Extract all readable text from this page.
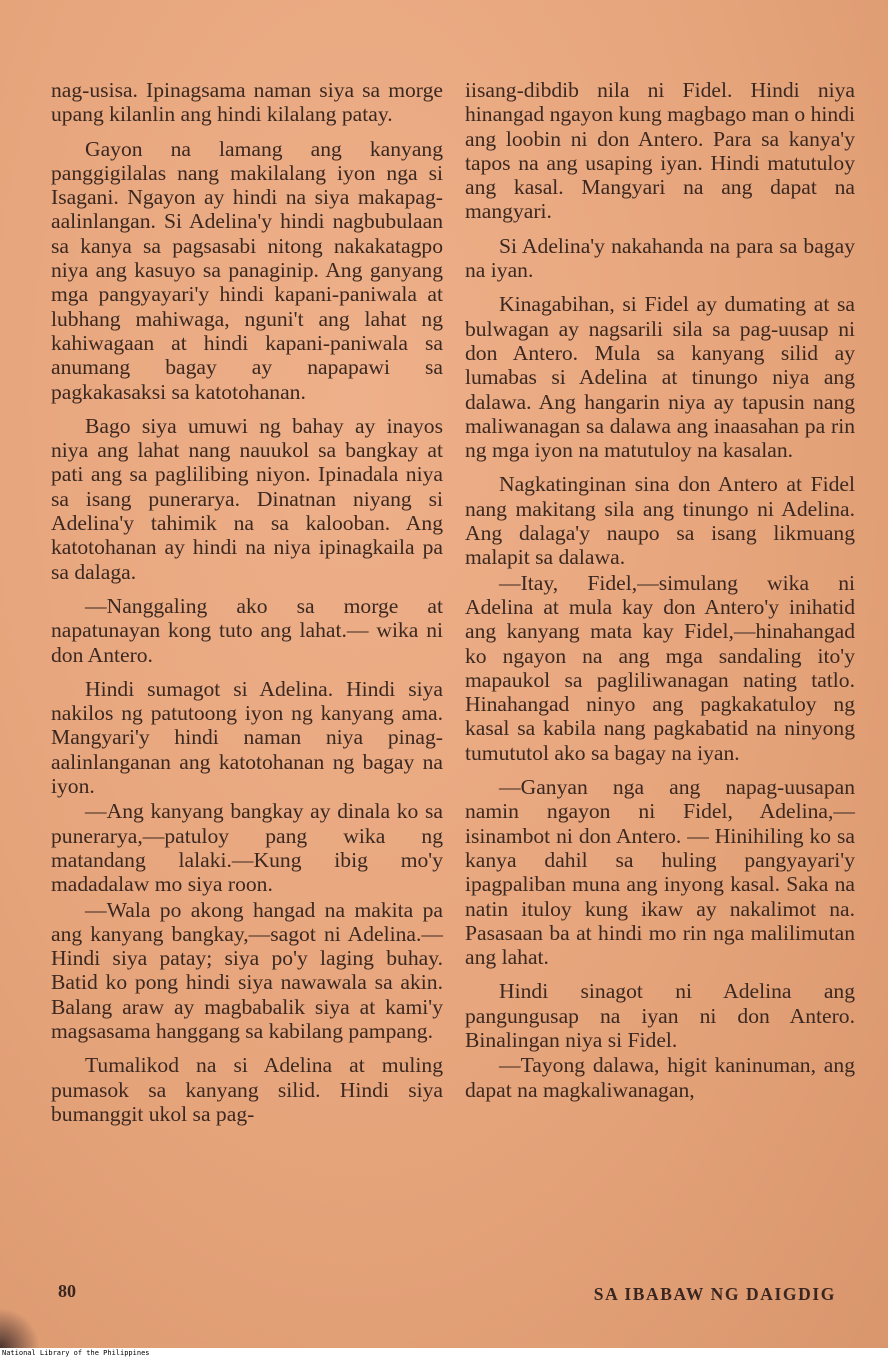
nag-usisa. Ipinagsama naman siya sa morge upang kilanlin ang hindi kilalang patay.

Gayon na lamang ang kanyang panggigilalas nang makilalang iyon nga si Isagani. Ngayon ay hindi na siya makapag-aalinlangan. Si Adelina'y hindi nagbubulaan sa kanya sa pagsasabi nitong nakakatagpo niya ang kasuyo sa panaginip. Ang ganyang mga pangyayari'y hindi kapani-paniwala at lubhang mahiwaga, nguni't ang lahat ng kahiwagaan at hindi kapani-paniwala sa anumang bagay ay napapawi sa pagkakasaksi sa katotohanan.

Bago siya umuwi ng bahay ay inayos niya ang lahat nang nauukol sa bangkay at pati ang sa paglilibing niyon. Ipinadala niya sa isang punerarya. Dinatnan niyang si Adelina'y tahimik na sa kalooban. Ang katotohanan ay hindi na niya ipinagkaila pa sa dalaga.

—Nanggaling ako sa morge at napatunayan kong tuto ang lahat.— wika ni don Antero.

Hindi sumagot si Adelina. Hindi siya nakilos ng patutoong iyon ng kanyang ama. Mangyari'y hindi naman niya pinag-aalinlanganan ang katotohanan ng bagay na iyon.

—Ang kanyang bangkay ay dinala ko sa punerarya,—patuloy pang wika ng matandang lalaki.—Kung ibig mo'y madadalaw mo siya roon.

—Wala po akong hangad na makita pa ang kanyang bangkay,—sagot ni Adelina.—Hindi siya patay; siya po'y laging buhay. Batid ko pong hindi siya nawawala sa akin. Balang araw ay magbabalik siya at kami'y magsasama hanggang sa kabilang pampang.

Tumalikod na si Adelina at muling pumasok sa kanyang silid. Hindi siya bumanggit ukol sa pag-

iisang-dibdib nila ni Fidel. Hindi niya hinangad ngayon kung magbago man o hindi ang loobin ni don Antero. Para sa kanya'y tapos na ang usaping iyan. Hindi matutuloy ang kasal. Mangyari na ang dapat na mangyari.

Si Adelina'y nakahanda na para sa bagay na iyan.

Kinagabihan, si Fidel ay dumating at sa bulwagan ay nagsarili sila sa pag-uusap ni don Antero. Mula sa kanyang silid ay lumabas si Adelina at tinungo niya ang dalawa. Ang hangarin niya ay tapusin nang maliwanagan sa dalawa ang inaasahan pa rin ng mga iyon na matutuloy na kasalan.

Nagkatinginan sina don Antero at Fidel nang makitang sila ang tinungo ni Adelina. Ang dalaga'y naupo sa isang likmuang malapit sa dalawa.

—Itay, Fidel,—simulang wika ni Adelina at mula kay don Antero'y inihatid ang kanyang mata kay Fidel,—hinahangad ko ngayon na ang mga sandaling ito'y mapaukol sa pagliliwanagan nating tatlo. Hinahangad ninyo ang pagkakatuloy ng kasal sa kabila nang pagkabatid na ninyong tumututol ako sa bagay na iyan.

—Ganyan nga ang napag-uusapan namin ngayon ni Fidel, Adelina,— isinambot ni don Antero. — Hinihiling ko sa kanya dahil sa huling pangyayari'y ipagpaliban muna ang inyong kasal. Saka na natin ituloy kung ikaw ay nakalimot na. Pasasaan ba at hindi mo rin nga malilimutan ang lahat.

Hindi sinagot ni Adelina ang pangungusap na iyan ni don Antero. Binalingan niya si Fidel.

—Tayong dalawa, higit kaninuman, ang dapat na magkaliwanagan,

80	SA IBABAW NG DAIGDIG
National Library of the Philippines
